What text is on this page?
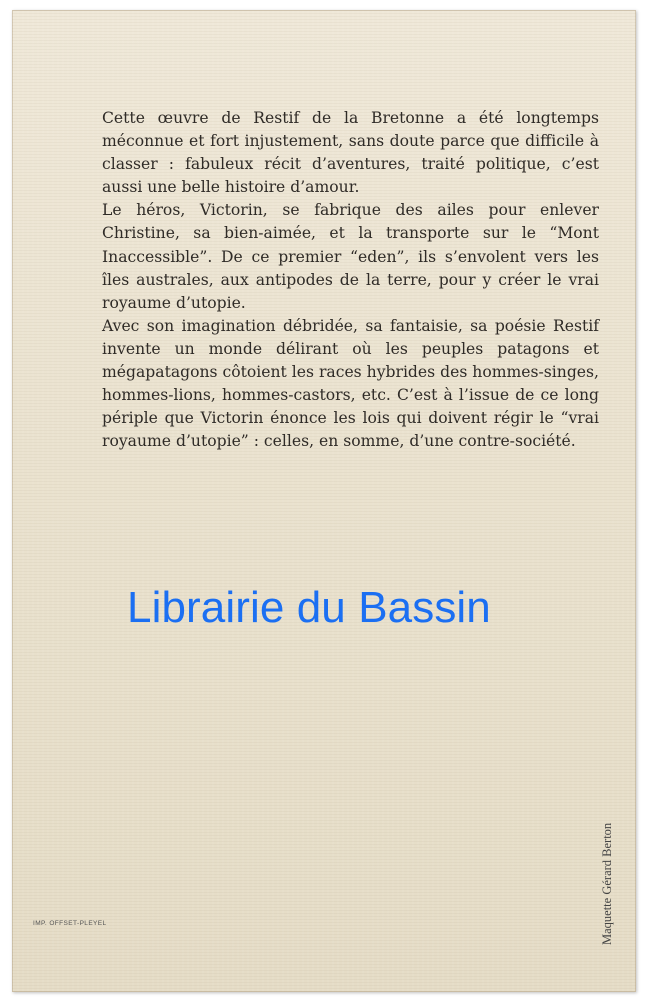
Cette œuvre de Restif de la Bretonne a été longtemps méconnue et fort injustement, sans doute parce que difficile à classer : fabuleux récit d’aventures, traité politique, c’est aussi une belle histoire d’amour.

Le héros, Victorin, se fabrique des ailes pour enlever Christine, sa bien-aimée, et la transporte sur le “Mont Inaccessible”. De ce premier “eden”, ils s’envolent vers les îles australes, aux antipodes de la terre, pour y créer le vrai royaume d’utopie.

Avec son imagination débridée, sa fantaisie, sa poésie Restif invente un monde délirant où les peuples patagons et mégapatagons côtoient les races hybrides des hommes-singes, hommes-lions, hommes-castors, etc. C’est à l’issue de ce long périple que Victorin énonce les lois qui doivent régir le “vrai royaume d’utopie” : celles, en somme, d’une contre-société.

Librairie du Bassin
IMP. OFFSET-PLEYEL	Maquette Gérard Berton
